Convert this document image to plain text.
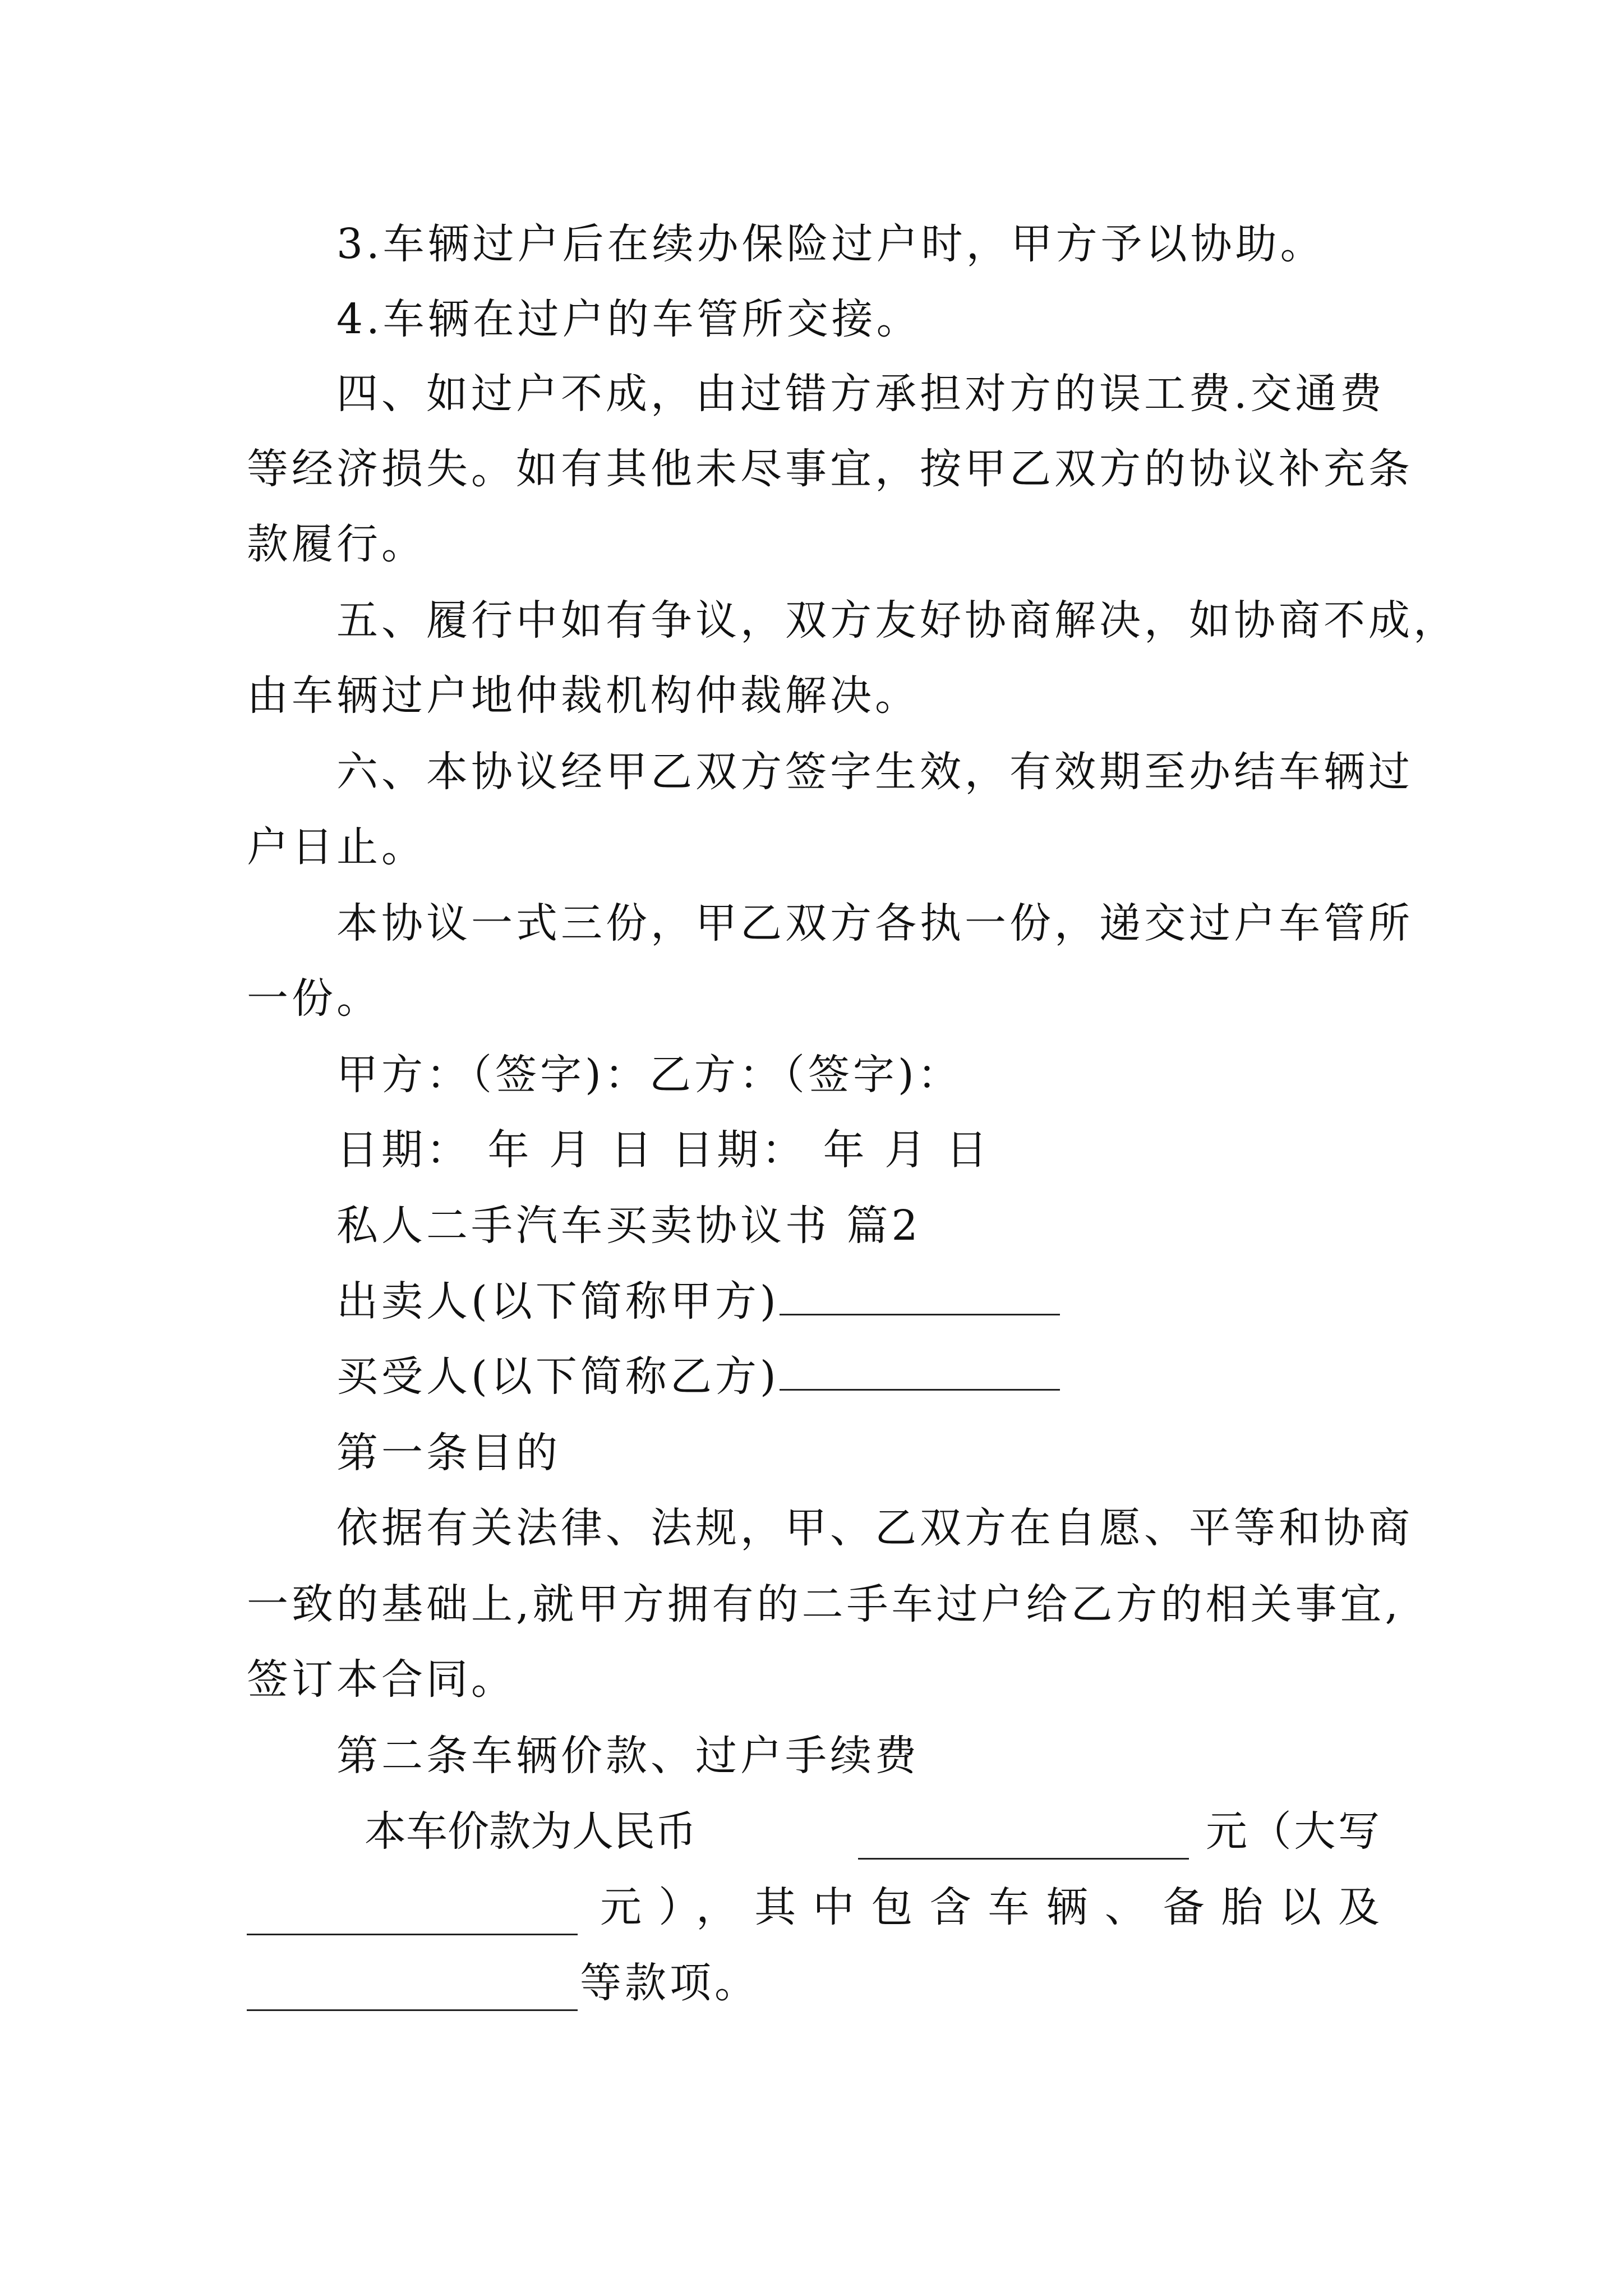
3.车辆过户后在续办保险过户时，甲方予以协助。
4.车辆在过户的车管所交接。
四、如过户不成，由过错方承担对方的误工费.交通费
等经济损失。如有其他未尽事宜，按甲乙双方的协议补充条
款履行。
五、履行中如有争议，双方友好协商解决，如协商不成，
由车辆过户地仲裁机构仲裁解决。
六、本协议经甲乙双方签字生效，有效期至办结车辆过
户日止。
本协议一式三份，甲乙双方各执一份，递交过户车管所
一份。
甲方：（签字)：乙方：（签字)：
日期： 年 月 日 日期： 年 月 日
私人二手汽车买卖协议书 篇2
出卖人(以下简称甲方)
买受人(以下简称乙方)
第一条目的
依据有关法律、法规，甲、乙双方在自愿、平等和协商
一致的基础上,就甲方拥有的二手车过户给乙方的相关事宜,
签订本合同。
第二条车辆价款、过户手续费
本车价款为人民币	元（大写
元），其中包含车辆、备胎以及
等款项。
